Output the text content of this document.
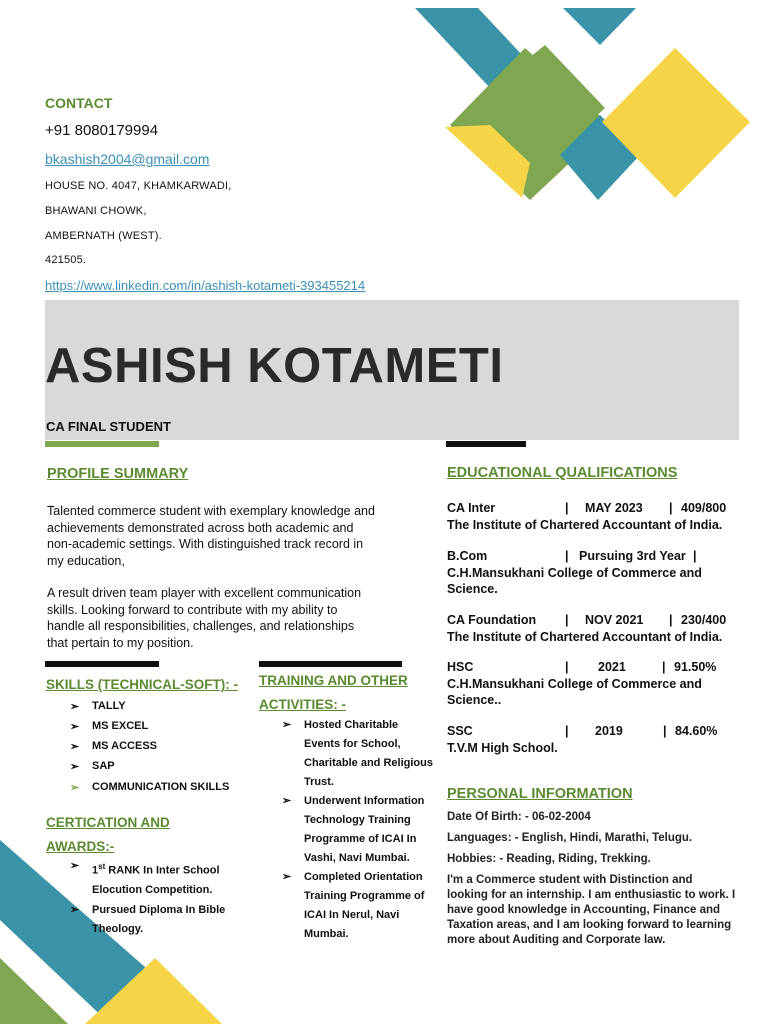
CONTACT
+91 8080179994
bkashish2004@gmail.com
HOUSE NO. 4047, KHAMKARWADI,
BHAWANI CHOWK,
AMBERNATH (WEST).
421505.
https://www.linkedin.com/in/ashish-kotameti-393455214
ASHISH KOTAMETI
CA FINAL STUDENT
PROFILE SUMMARY
Talented commerce student with exemplary knowledge and
achievements demonstrated across both academic and
non-academic settings. With distinguished track record in
my education,
A result driven team player with excellent communication
skills. Looking forward to contribute with my ability to
handle all responsibilities, challenges, and relationships
that pertain to my position.
SKILLS (TECHNICAL-SOFT): -
➢ TALLY
➢ MS EXCEL
➢ MS ACCESS
➢ SAP
➢ COMMUNICATION SKILLS
CERTICATION AND
AWARDS:-
➢ 1st RANK In Inter School
Elocution Competition.
➢ Pursued Diploma In Bible
Theology.
TRAINING AND OTHER
ACTIVITIES: -
➢ Hosted Charitable
Events for School,
Charitable and Religious
Trust.
➢ Underwent Information
Technology Training
Programme of ICAI In
Vashi, Navi Mumbai.
➢ Completed Orientation
Training Programme of
ICAI In Nerul, Navi
Mumbai.
EDUCATIONAL QUALIFICATIONS
CA Inter	| MAY 2023 | 409/800
The Institute of Chartered Accountant of India.
B.Com	| Pursuing 3rd Year |
C.H.Mansukhani College of Commerce and
Science.
CA Foundation | NOV 2021 | 230/400
The Institute of Chartered Accountant of India.
HSC	| 2021	| 91.50%
C.H.Mansukhani College of Commerce and
Science..
SSC	| 2019	| 84.60%
T.V.M High School.
PERSONAL INFORMATION
Date Of Birth: - 06-02-2004
Languages: - English, Hindi, Marathi, Telugu.
Hobbies: - Reading, Riding, Trekking.
I'm a Commerce student with Distinction and
looking for an internship. I am enthusiastic to work. I
have good knowledge in Accounting, Finance and
Taxation areas, and I am looking forward to learning
more about Auditing and Corporate law.
